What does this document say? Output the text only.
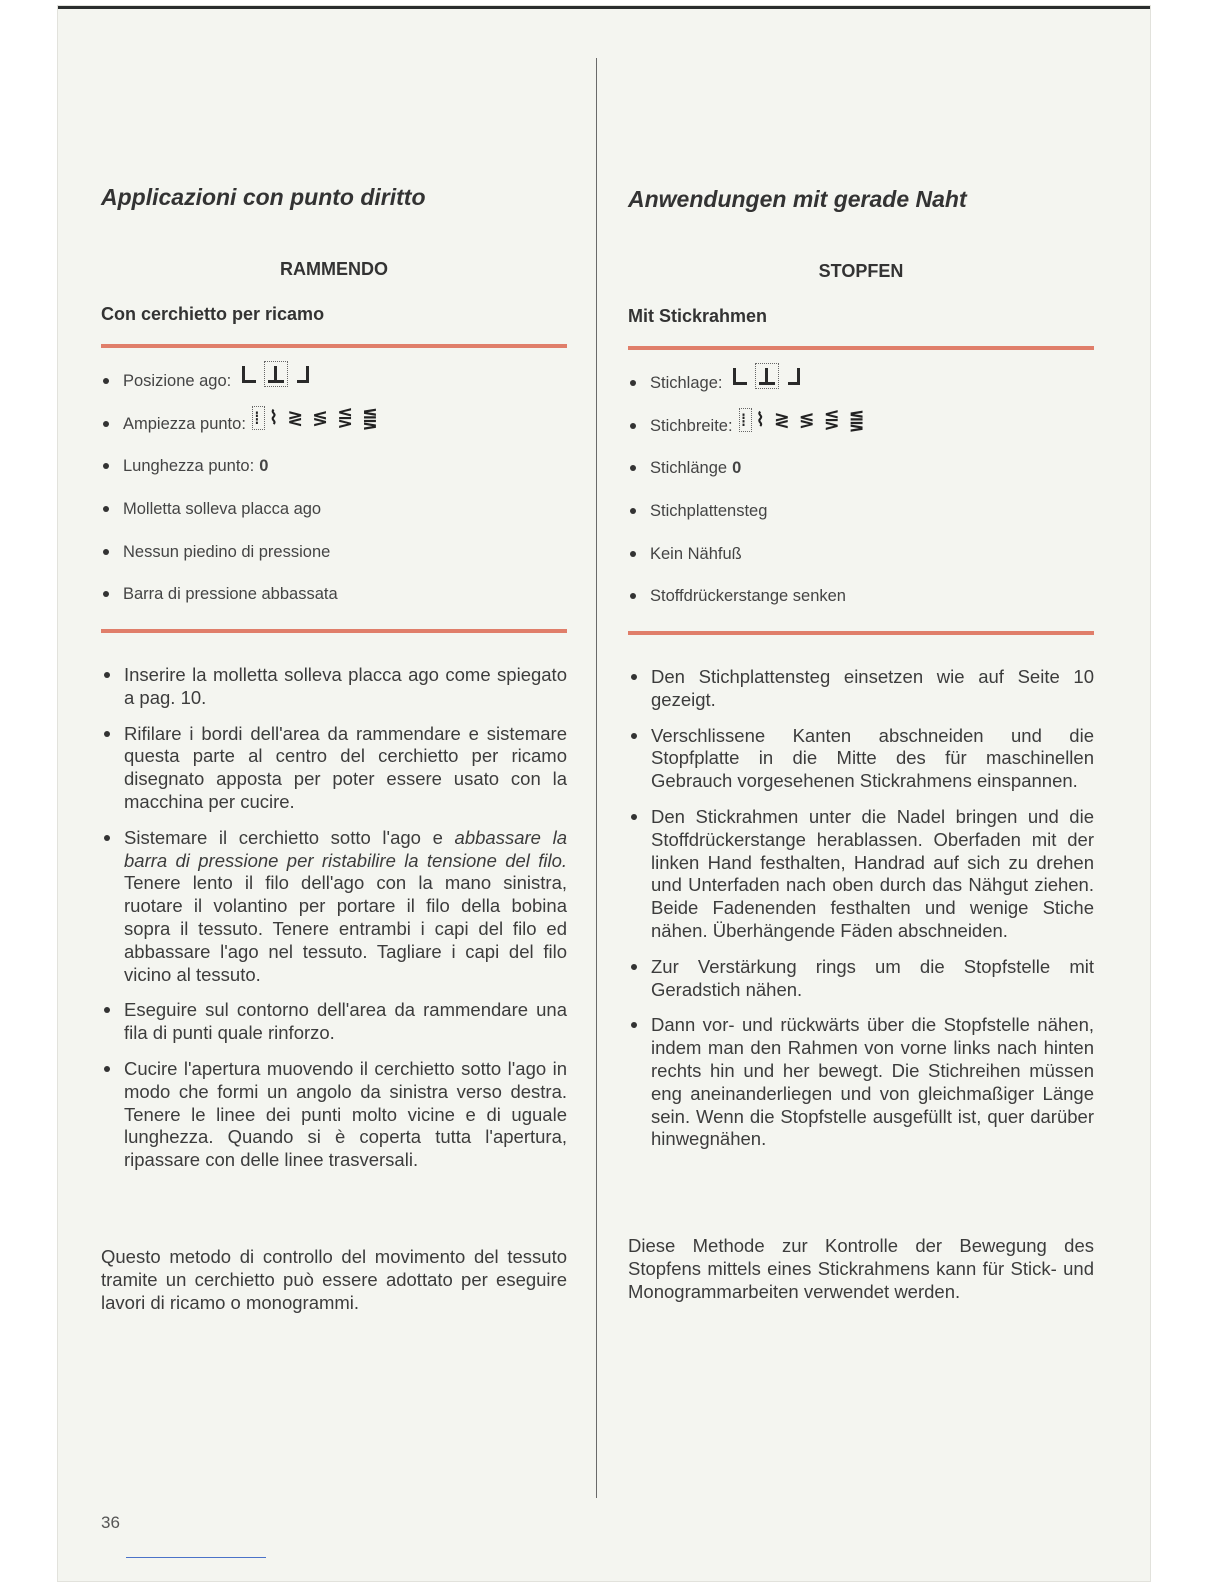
Applicazioni con punto diritto
RAMMENDO
Con cerchietto per ricamo
Posizione ago:
Ampiezza punto: ⁞ ⌇ ≷ ≶ ⋚ ⪋
Lunghezza punto: 0
Molletta solleva placca ago
Nessun piedino di pressione
Barra di pressione abbassata
Inserire la molletta solleva placca ago come spiegato a pag. 10.
Rifilare i bordi dell'area da rammendare e sistemare questa parte al centro del cerchietto per ricamo disegnato apposta per poter essere usato con la macchina per cucire.
Sistemare il cerchietto sotto l'ago e abbassare la barra di pressione per ristabilire la tensione del filo. Tenere lento il filo dell'ago con la mano sinistra, ruotare il volantino per portare il filo della bobina sopra il tessuto. Tenere entrambi i capi del filo ed abbassare l'ago nel tessuto. Tagliare i capi del filo vicino al tessuto.
Eseguire sul contorno dell'area da rammendare una fila di punti quale rinforzo.
Cucire l'apertura muovendo il cerchietto sotto l'ago in modo che formi un angolo da sinistra verso destra. Tenere le linee dei punti molto vicine e di uguale lunghezza. Quando si è coperta tutta l'apertura, ripassare con delle linee trasversali.

Questo metodo di controllo del movimento del tessuto tramite un cerchietto può essere adottato per eseguire lavori di ricamo o monogrammi.

Anwendungen mit gerade Naht
STOPFEN
Mit Stickrahmen
Stichlage:
Stichbreite: ⁞ ⌇ ≷ ≶ ⋚ ⪋
Stichlänge 0
Stichplattensteg
Kein Nähfuß
Stoffdrückerstange senken
Den Stichplattensteg einsetzen wie auf Seite 10 gezeigt.
Verschlissene Kanten abschneiden und die Stopfplatte in die Mitte des für maschinellen Gebrauch vorgesehenen Stickrahmens einspannen.
Den Stickrahmen unter die Nadel bringen und die Stoffdrückerstange herablassen. Oberfaden mit der linken Hand festhalten, Handrad auf sich zu drehen und Unterfaden nach oben durch das Nähgut ziehen. Beide Fadenenden festhalten und wenige Stiche nähen. Überhängende Fäden abschneiden.
Zur Verstärkung rings um die Stopfstelle mit Geradstich nähen.
Dann vor- und rückwärts über die Stopfstelle nähen, indem man den Rahmen von vorne links nach hinten rechts hin und her bewegt. Die Stichreihen müssen eng aneinanderliegen und von gleichmaßiger Länge sein. Wenn die Stopfstelle ausgefüllt ist, quer darüber hinwegnähen.

Diese Methode zur Kontrolle der Bewegung des Stopfens mittels eines Stickrahmens kann für Stick- und Monogrammarbeiten verwendet werden.

36
